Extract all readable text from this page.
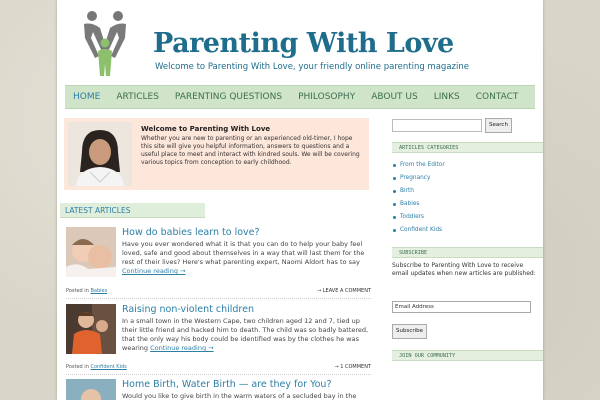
Parenting With Love
Welcome to Parenting With Love, your friendly online parenting magazine
HOME	ARTICLES	PARENTING QUESTIONS	PHILOSOPHY	ABOUT US	LINKS	CONTACT
Welcome to Parenting With Love

Whether you are new to parenting or an experienced old-timer, I hope this site will give you helpful information, answers to questions and a useful place to meet and interact with kindred souls. We will be covering various topics from conception to early childhood.

LATEST ARTICLES
How do babies learn to love?

Have you ever wondered what it is that you can do to help your baby feel loved, safe and good about themselves in a way that will last them for the rest of their lives? Here's what parenting expert, Naomi Aldort has to say Continue reading →

Posted in Babies	→ LEAVE A COMMENT
Raising non-violent children

In a small town in the Western Cape, two children aged 12 and 7, tied up their little friend and hacked him to death. The child was so badly battered, that the only way his body could be identified was by the clothes he was wearing Continue reading →

Posted in Confident Kids	→ 1 COMMENT
Home Birth, Water Birth — are they for You?

Would you like to give birth in the warm waters of a secluded bay in the

Search
ARTICLES CATEGORIES
From the Editor
Pregnancy
Birth
Babies
Toddlers
Confident Kids
SUBSCRIBE

Subscribe to Parenting With Love to receive email updates when new articles are published:

Email Address
Subscribe
JOIN OUR COMMUNITY
